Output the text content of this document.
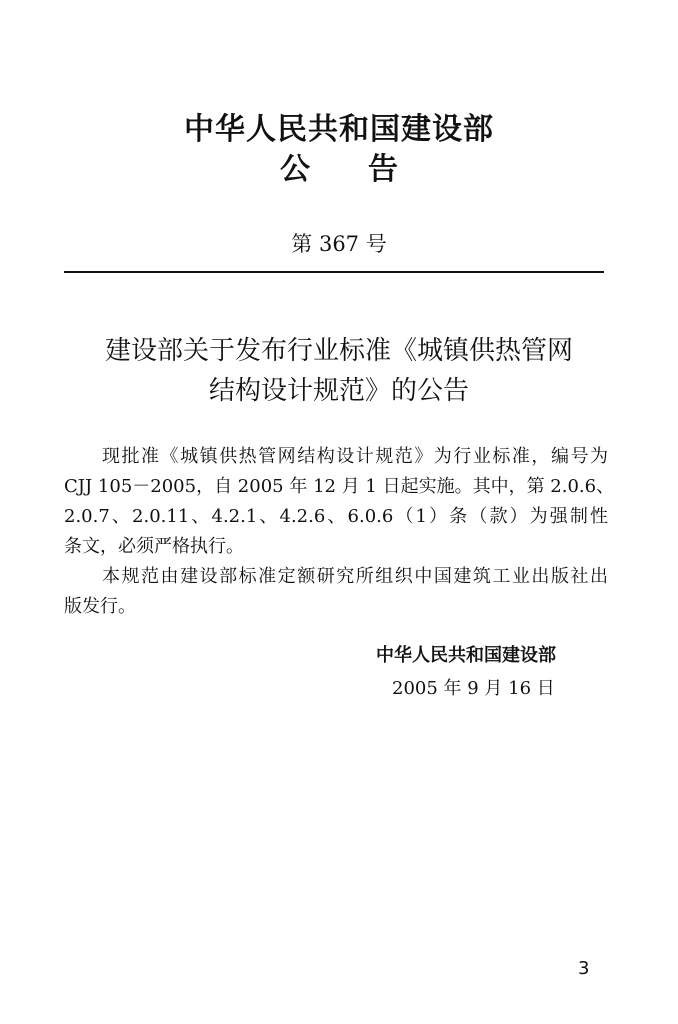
中华人民共和国建设部
公告
第 367 号
建设部关于发布行业标准《城镇供热管网
结构设计规范》的公告
现批准《城镇供热管网结构设计规范》为行业标准，编号为
CJJ 105－2005，自 2005 年 12 月 1 日起实施。其中，第 2.0.6、
2.0.7、2.0.11、4.2.1、4.2.6、6.0.6（1）条（款）为强制性
条文，必须严格执行。
本规范由建设部标准定额研究所组织中国建筑工业出版社出
版发行。
中华人民共和国建设部
2005 年 9 月 16 日
3
